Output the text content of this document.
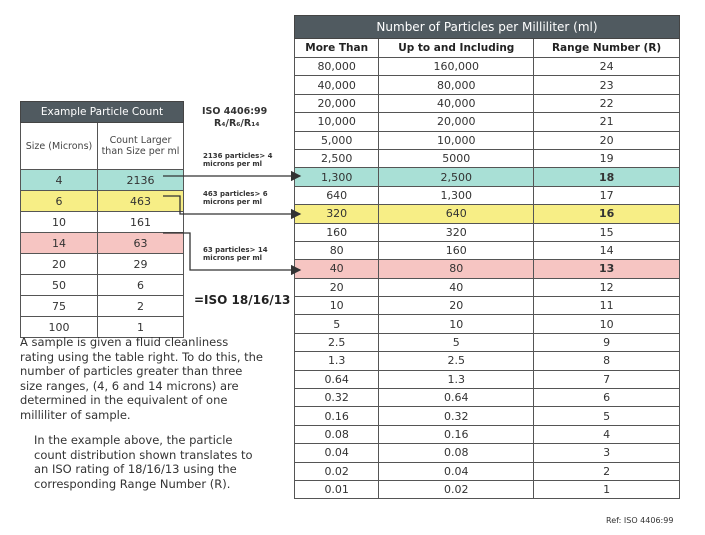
Example Particle Count	
Size (Microns)	Count Larger than Size per ml
4	2136
6	463
10	161
14	63
20	29
50	6
75	2
100	1
ISO 4406:99
R₄/R₆/R₁₄
2136 particles> 4 microns per ml
463 particles> 6 microns per ml
63 particles> 14 microns per ml
=ISO 18/16/13
Number of Particles per Milliliter (ml)		
More Than	Up to and Including	Range Number (R)
80,000	160,000	24
40,000	80,000	23
20,000	40,000	22
10,000	20,000	21
5,000	10,000	20
2,500	5000	19
1,300	2,500	18
640	1,300	17
320	640	16
160	320	15
80	160	14
40	80	13
20	40	12
10	20	11
5	10	10
2.5	5	9
1.3	2.5	8
0.64	1.3	7
0.32	0.64	6
0.16	0.32	5
0.08	0.16	4
0.04	0.08	3
0.02	0.04	2
0.01	0.02	1
A sample is given a fluid cleanliness
rating using the table right. To do this, the
number of particles greater than three
size ranges, (4, 6 and 14 microns) are
determined in the equivalent of one
milliliter of sample.
In the example above, the particle
count distribution shown translates to
an ISO rating of 18/16/13 using the
corresponding Range Number (R).
Ref: ISO 4406:99
